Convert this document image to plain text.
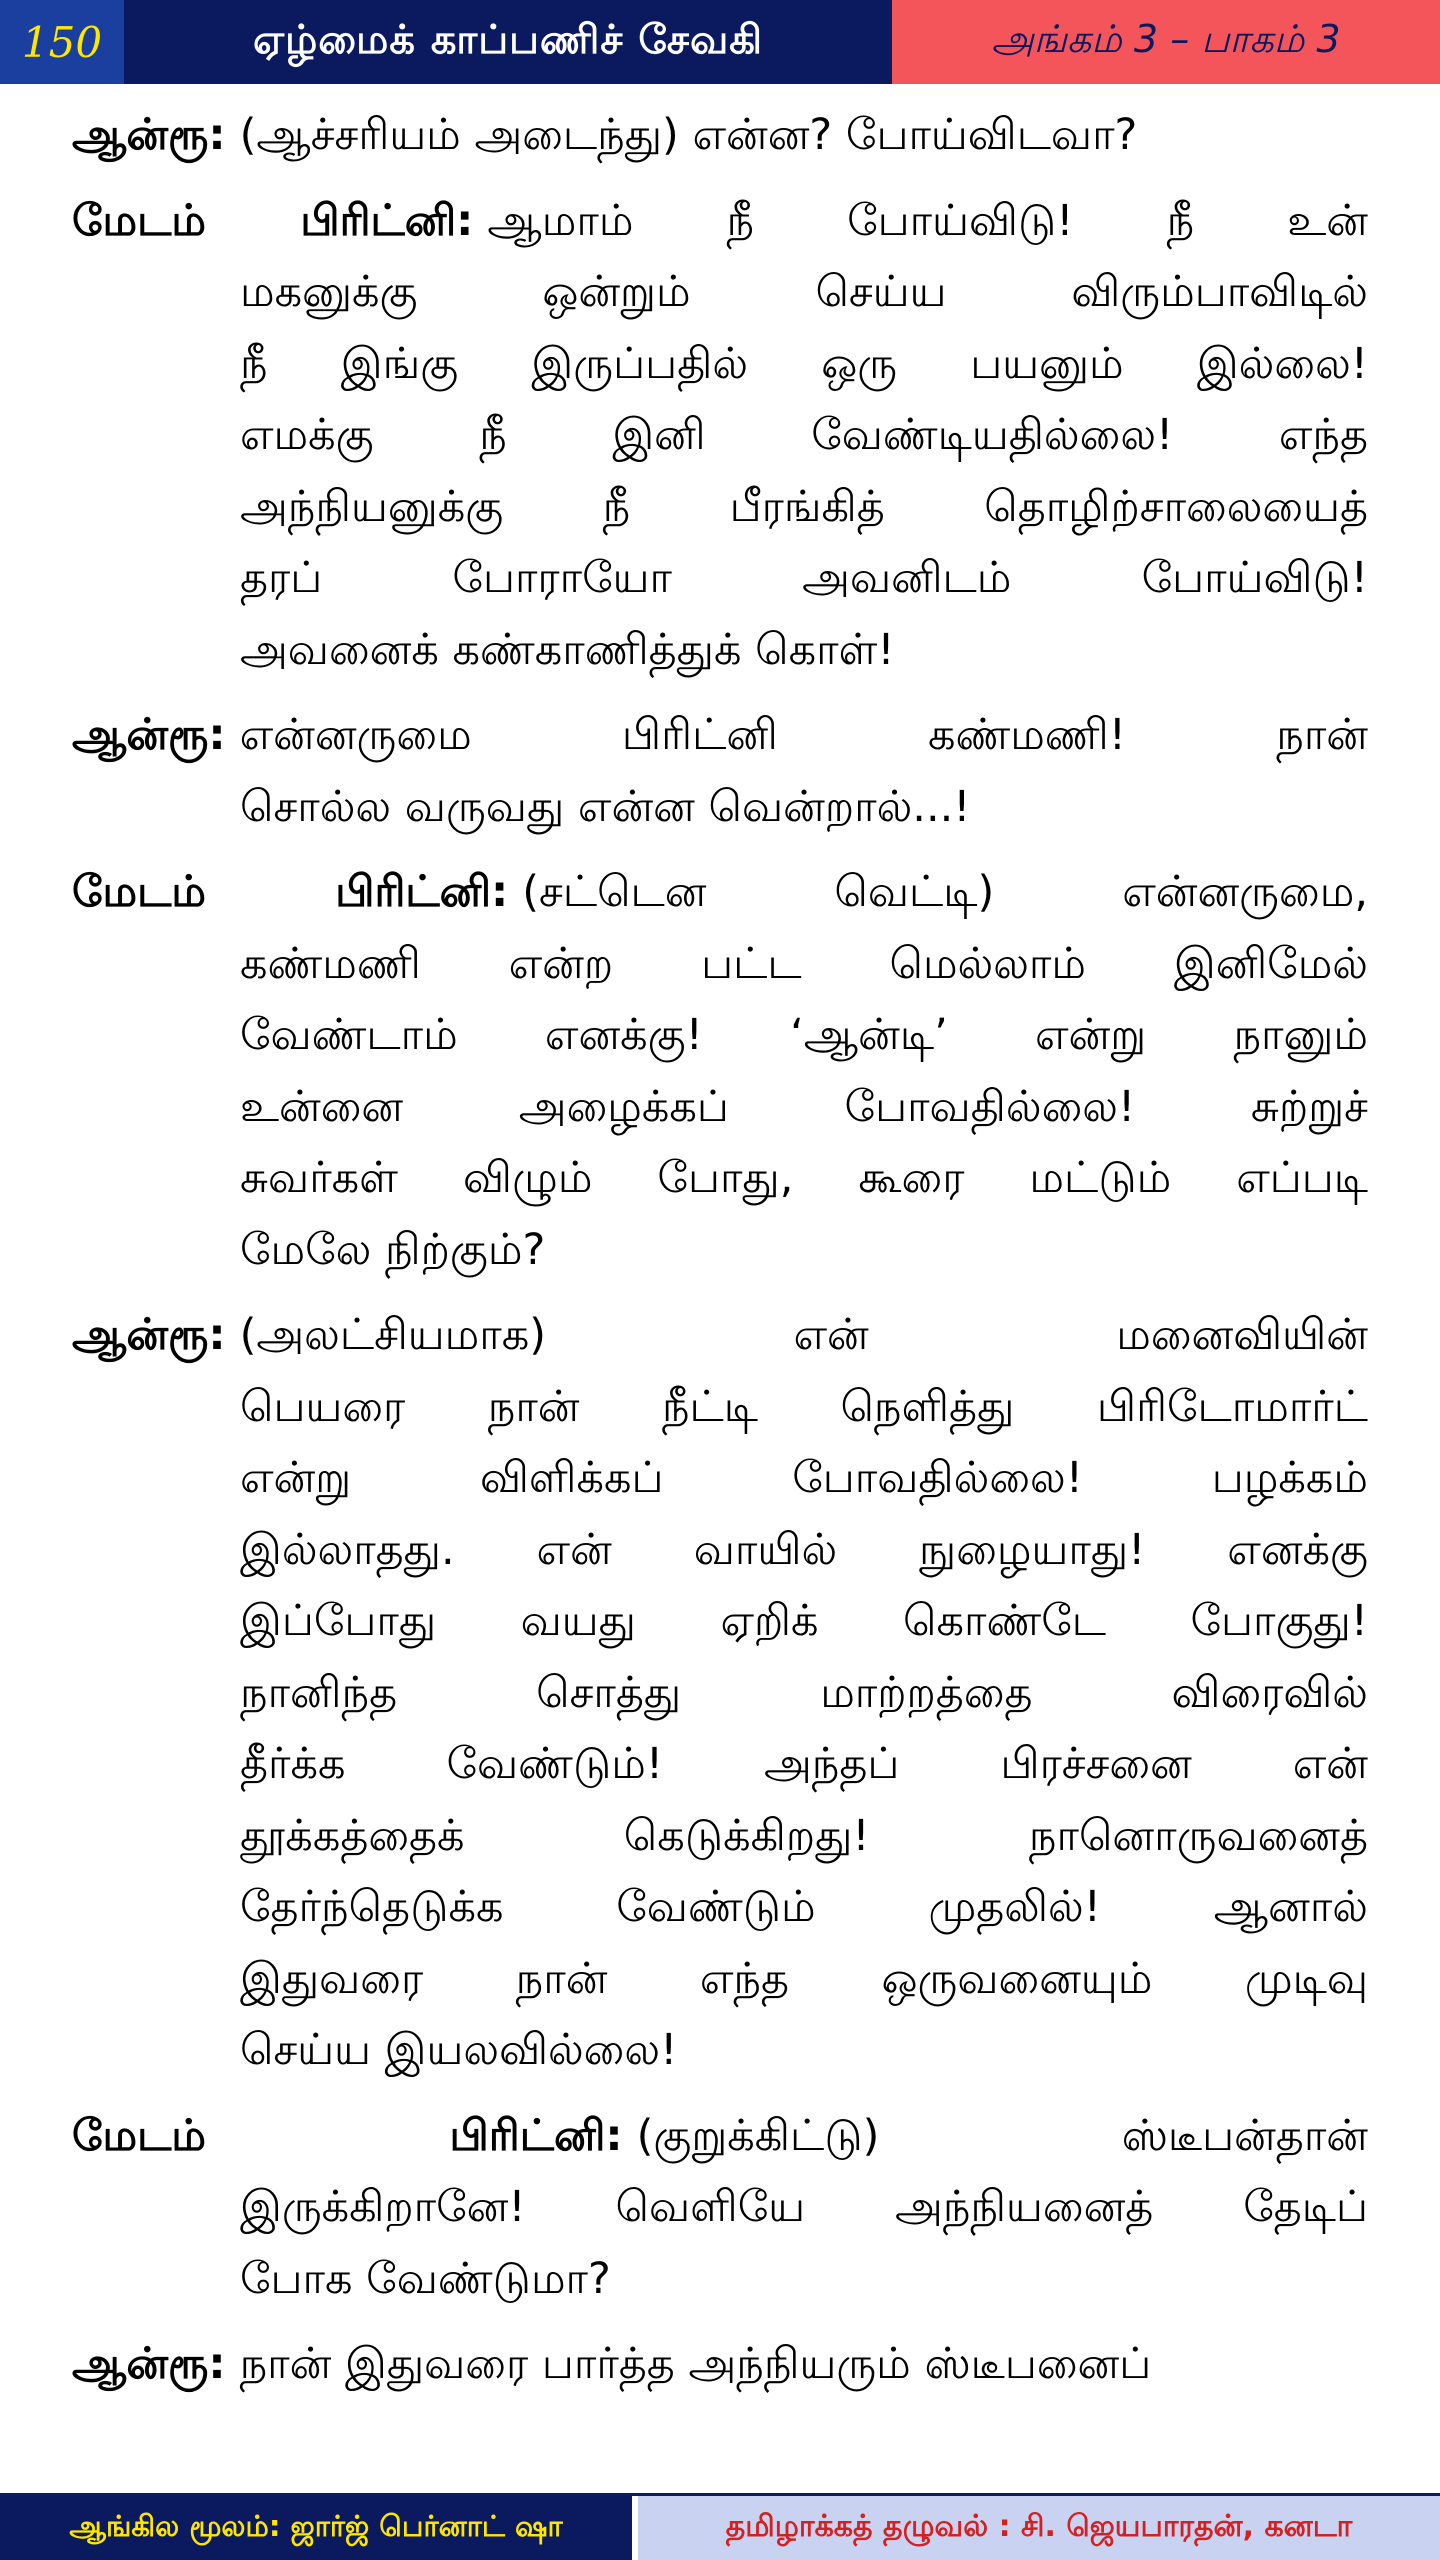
150	ஏழ்மைக் காப்பணிச் சேவகி	அங்கம் 3 – பாகம் 3
ஆன்ரூ: (ஆச்சரியம் அடைந்து) என்ன? போய்விடவா?
மேடம் பிரிட்னி: ஆமாம் நீ போய்விடு! நீ உன்
மகனுக்கு ஒன்றும் செய்ய விரும்பாவிடில்
நீ இங்கு இருப்பதில் ஒரு பயனும் இல்லை!
எமக்கு நீ இனி வேண்டியதில்லை! எந்த
அந்நியனுக்கு நீ பீரங்கித் தொழிற்சாலையைத்
தரப் போராயோ அவனிடம் போய்விடு!
அவனைக் கண்காணித்துக் கொள்!
ஆன்ரூ: என்னருமை பிரிட்னி கண்மணி! நான்
சொல்ல வருவது என்ன வென்றால்...!
மேடம் பிரிட்னி: (சட்டென வெட்டி) என்னருமை,
கண்மணி என்ற பட்ட மெல்லாம் இனிமேல்
வேண்டாம் எனக்கு! ‘ஆன்டி’ என்று நானும்
உன்னை அழைக்கப் போவதில்லை! சுற்றுச்
சுவர்கள் விழும் போது, கூரை மட்டும் எப்படி
மேலே நிற்கும்?
ஆன்ரூ: (அலட்சியமாக) என் மனைவியின்
பெயரை நான் நீட்டி நெளித்து பிரிடோமார்ட்
என்று விளிக்கப் போவதில்லை! பழக்கம்
இல்லாதது. என் வாயில் நுழையாது! எனக்கு
இப்போது வயது ஏறிக் கொண்டே போகுது!
நானிந்த சொத்து மாற்றத்தை விரைவில்
தீர்க்க வேண்டும்! அந்தப் பிரச்சனை என்
தூக்கத்தைக் கெடுக்கிறது! நானொருவனைத்
தேர்ந்தெடுக்க வேண்டும் முதலில்! ஆனால்
இதுவரை நான் எந்த ஒருவனையும் முடிவு
செய்ய இயலவில்லை!
மேடம் பிரிட்னி: (குறுக்கிட்டு) ஸ்டீபன்தான்
இருக்கிறானே! வெளியே அந்நியனைத் தேடிப்
போக வேண்டுமா?
ஆன்ரூ: நான் இதுவரை பார்த்த அந்நியரும் ஸ்டீபனைப்
ஆங்கில மூலம்: ஜார்ஜ் பெர்னாட் ஷா	தமிழாக்கத் தழுவல் : சி. ஜெயபாரதன், கனடா
